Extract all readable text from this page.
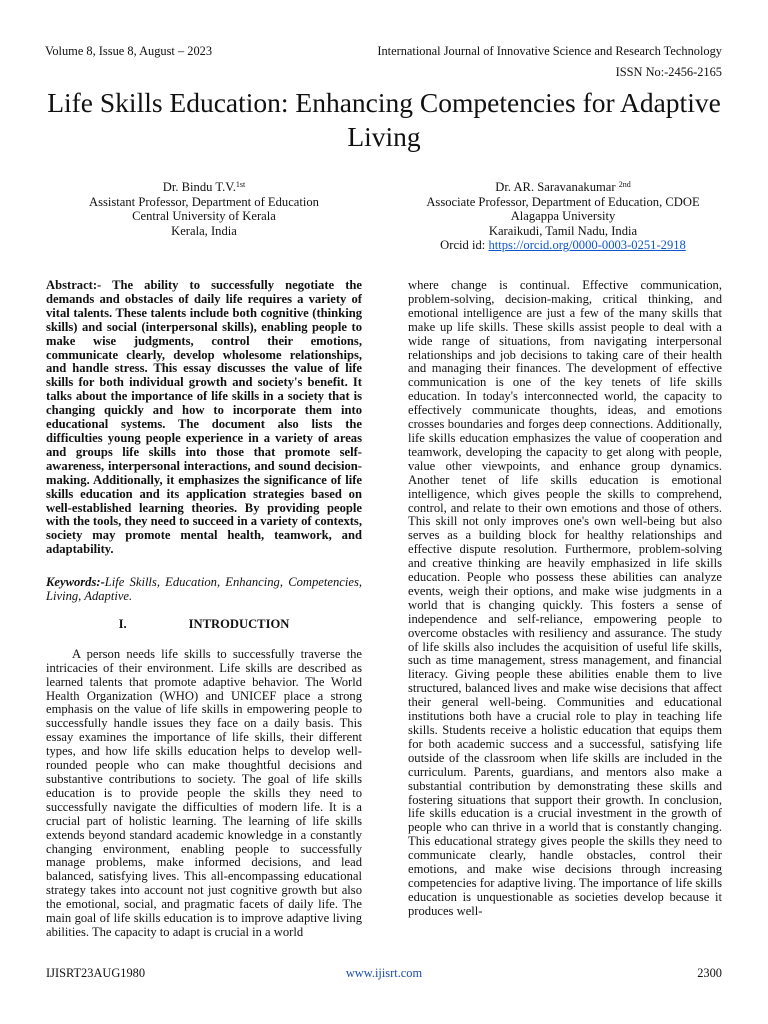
Volume 8, Issue 8, August – 2023	International Journal of Innovative Science and Research Technology
ISSN No:-2456-2165
Life Skills Education: Enhancing Competencies for Adaptive Living
Dr. Bindu T.V.$^{1st}$
Assistant Professor, Department of Education
Central University of Kerala
Kerala, India
Dr. AR. Saravanakumar $^{2nd}$
Associate Professor, Department of Education, CDOE
Alagappa University
Karaikudi, Tamil Nadu, India
Orcid id: https://orcid.org/0000-0003-0251-2918

Abstract:- The ability to successfully negotiate the demands and obstacles of daily life requires a variety of vital talents. These talents include both cognitive (thinking skills) and social (interpersonal skills), enabling people to make wise judgments, control their emotions, communicate clearly, develop wholesome relationships, and handle stress. This essay discusses the value of life skills for both individual growth and society's benefit. It talks about the importance of life skills in a society that is changing quickly and how to incorporate them into educational systems. The document also lists the difficulties young people experience in a variety of areas and groups life skills into those that promote self-awareness, interpersonal interactions, and sound decision-making. Additionally, it emphasizes the significance of life skills education and its application strategies based on well-established learning theories. By providing people with the tools, they need to succeed in a variety of contexts, society may promote mental health, teamwork, and adaptability.

Keywords:-Life Skills, Education, Enhancing, Competencies, Living, Adaptive.

I.	INTRODUCTION

A person needs life skills to successfully traverse the intricacies of their environment. Life skills are described as learned talents that promote adaptive behavior. The World Health Organization (WHO) and UNICEF place a strong emphasis on the value of life skills in empowering people to successfully handle issues they face on a daily basis. This essay examines the importance of life skills, their different types, and how life skills education helps to develop well-rounded people who can make thoughtful decisions and substantive contributions to society. The goal of life skills education is to provide people the skills they need to successfully navigate the difficulties of modern life. It is a crucial part of holistic learning. The learning of life skills extends beyond standard academic knowledge in a constantly changing environment, enabling people to successfully manage problems, make informed decisions, and lead balanced, satisfying lives. This all-encompassing educational strategy takes into account not just cognitive growth but also the emotional, social, and pragmatic facets of daily life. The main goal of life skills education is to improve adaptive living abilities. The capacity to adapt is crucial in a world

where change is continual. Effective communication, problem-solving, decision-making, critical thinking, and emotional intelligence are just a few of the many skills that make up life skills. These skills assist people to deal with a wide range of situations, from navigating interpersonal relationships and job decisions to taking care of their health and managing their finances. The development of effective communication is one of the key tenets of life skills education. In today's interconnected world, the capacity to effectively communicate thoughts, ideas, and emotions crosses boundaries and forges deep connections. Additionally, life skills education emphasizes the value of cooperation and teamwork, developing the capacity to get along with people, value other viewpoints, and enhance group dynamics. Another tenet of life skills education is emotional intelligence, which gives people the skills to comprehend, control, and relate to their own emotions and those of others. This skill not only improves one's own well-being but also serves as a building block for healthy relationships and effective dispute resolution. Furthermore, problem-solving and creative thinking are heavily emphasized in life skills education. People who possess these abilities can analyze events, weigh their options, and make wise judgments in a world that is changing quickly. This fosters a sense of independence and self-reliance, empowering people to overcome obstacles with resiliency and assurance. The study of life skills also includes the acquisition of useful life skills, such as time management, stress management, and financial literacy. Giving people these abilities enable them to live structured, balanced lives and make wise decisions that affect their general well-being. Communities and educational institutions both have a crucial role to play in teaching life skills. Students receive a holistic education that equips them for both academic success and a successful, satisfying life outside of the classroom when life skills are included in the curriculum. Parents, guardians, and mentors also make a substantial contribution by demonstrating these skills and fostering situations that support their growth. In conclusion, life skills education is a crucial investment in the growth of people who can thrive in a world that is constantly changing. This educational strategy gives people the skills they need to communicate clearly, handle obstacles, control their emotions, and make wise decisions through increasing competencies for adaptive living. The importance of life skills education is unquestionable as societies develop because it produces well-

IJISRT23AUG1980	www.ijisrt.com	2300
